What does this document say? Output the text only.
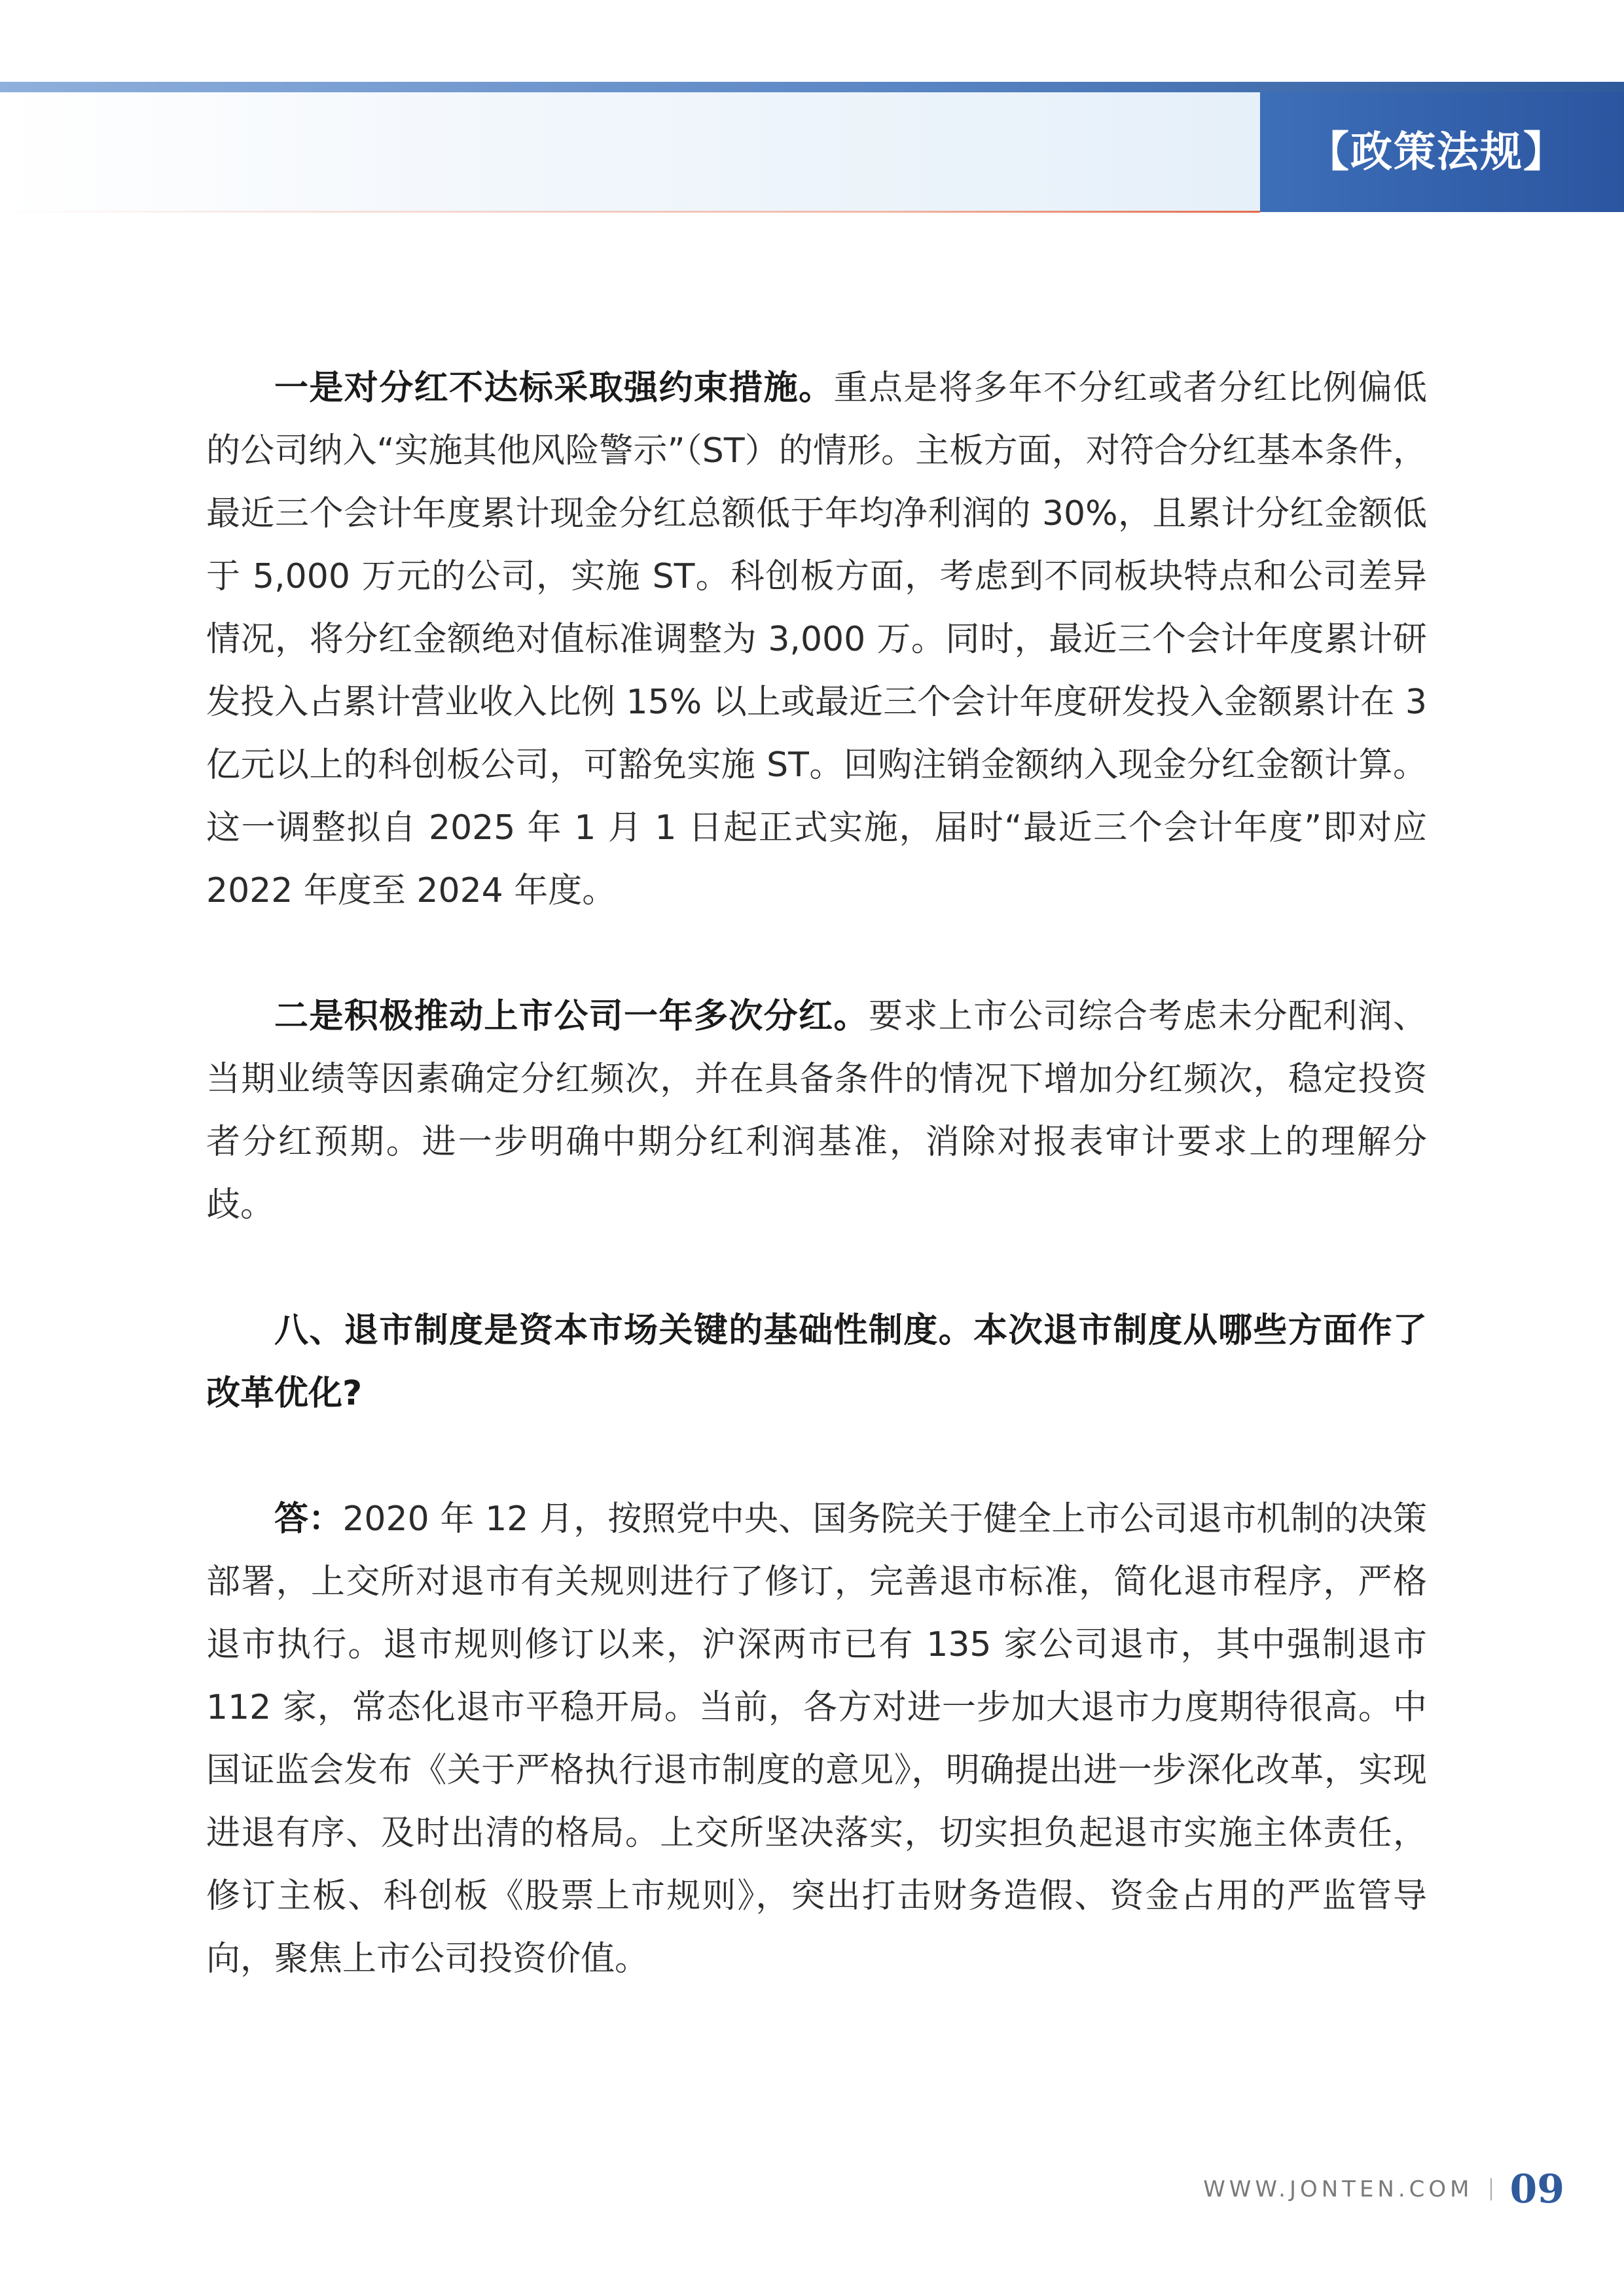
【政策法规】

一是对分红不达标采取强约束措施。重点是将多年不分红或者分红比例偏低的公司纳入“实施其他风险警示”（ST）的情形。主板方面，对符合分红基本条件，最近三个会计年度累计现金分红总额低于年均净利润的 30%，且累计分红金额低于 5,000 万元的公司，实施 ST。科创板方面，考虑到不同板块特点和公司差异情况，将分红金额绝对值标准调整为 3,000 万。同时，最近三个会计年度累计研发投入占累计营业收入比例 15% 以上或最近三个会计年度研发投入金额累计在 3 亿元以上的科创板公司，可豁免实施 ST。回购注销金额纳入现金分红金额计算。这一调整拟自 2025 年 1 月 1 日起正式实施，届时“最近三个会计年度”即对应 2022 年度至 2024 年度。

二是积极推动上市公司一年多次分红。要求上市公司综合考虑未分配利润、当期业绩等因素确定分红频次，并在具备条件的情况下增加分红频次，稳定投资者分红预期。进一步明确中期分红利润基准，消除对报表审计要求上的理解分歧。

八、退市制度是资本市场关键的基础性制度。本次退市制度从哪些方面作了改革优化?

答：2020 年 12 月，按照党中央、国务院关于健全上市公司退市机制的决策部署，上交所对退市有关规则进行了修订，完善退市标准，简化退市程序，严格退市执行。退市规则修订以来，沪深两市已有 135 家公司退市，其中强制退市 112 家，常态化退市平稳开局。当前，各方对进一步加大退市力度期待很高。中国证监会发布《关于严格执行退市制度的意见》，明确提出进一步深化改革，实现进退有序、及时出清的格局。上交所坚决落实，切实担负起退市实施主体责任，修订主板、科创板《股票上市规则》，突出打击财务造假、资金占用的严监管导向，聚焦上市公司投资价值。

WWW.JONTEN.COM 09
